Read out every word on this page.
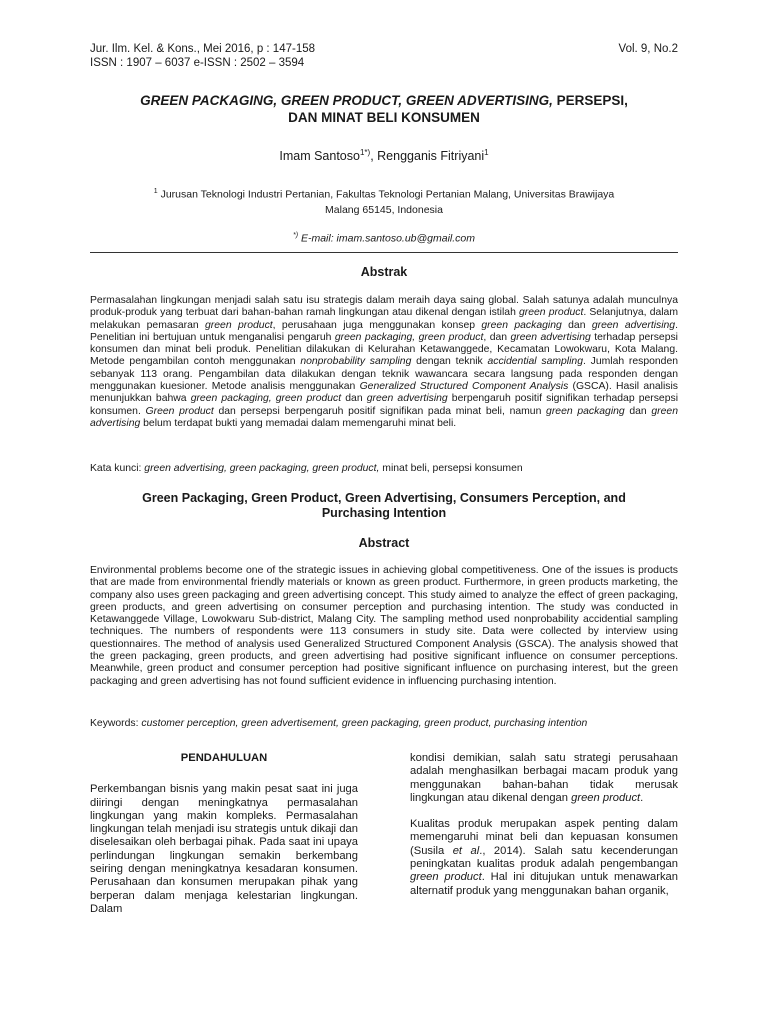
Jur. Ilm. Kel. & Kons., Mei 2016, p : 147-158
ISSN : 1907 – 6037 e-ISSN : 2502 – 3594
Vol. 9, No.2
GREEN PACKAGING, GREEN PRODUCT, GREEN ADVERTISING, PERSEPSI,
DAN MINAT BELI KONSUMEN
Imam Santoso$^{1*)}$, Rengganis Fitriyani$^1$
$^1$ Jurusan Teknologi Industri Pertanian, Fakultas Teknologi Pertanian Malang, Universitas Brawijaya
Malang 65145, Indonesia
*) E-mail: imam.santoso.ub@gmail.com
Abstrak
Permasalahan lingkungan menjadi salah satu isu strategis dalam meraih daya saing global. Salah satunya adalah munculnya produk-produk yang terbuat dari bahan-bahan ramah lingkungan atau dikenal dengan istilah green product. Selanjutnya, dalam melakukan pemasaran green product, perusahaan juga menggunakan konsep green packaging dan green advertising. Penelitian ini bertujuan untuk menganalisi pengaruh green packaging, green product, dan green advertising terhadap persepsi konsumen dan minat beli produk. Penelitian dilakukan di Kelurahan Ketawanggede, Kecamatan Lowokwaru, Kota Malang. Metode pengambilan contoh menggunakan nonprobability sampling dengan teknik accidential sampling. Jumlah responden sebanyak 113 orang. Pengambilan data dilakukan dengan teknik wawancara secara langsung pada responden dengan menggunakan kuesioner. Metode analisis menggunakan Generalized Structured Component Analysis (GSCA). Hasil analisis menunjukkan bahwa green packaging, green product dan green advertising berpengaruh positif signifikan terhadap persepsi konsumen. Green product dan persepsi berpengaruh positif signifikan pada minat beli, namun green packaging dan green advertising belum terdapat bukti yang memadai dalam memengaruhi minat beli.
Kata kunci: green advertising, green packaging, green product, minat beli, persepsi konsumen
Green Packaging, Green Product, Green Advertising, Consumers Perception, and Purchasing Intention
Abstract
Environmental problems become one of the strategic issues in achieving global competitiveness. One of the issues is products that are made from environmental friendly materials or known as green product. Furthermore, in green products marketing, the company also uses green packaging and green advertising concept. This study aimed to analyze the effect of green packaging, green products, and green advertising on consumer perception and purchasing intention. The study was conducted in Ketawanggede Village, Lowokwaru Sub-district, Malang City. The sampling method used nonprobability accidential sampling techniques. The numbers of respondents were 113 consumers in study site. Data were collected by interview using questionnaires. The method of analysis used Generalized Structured Component Analysis (GSCA). The analysis showed that the green packaging, green products, and green advertising had positive significant influence on consumer perceptions. Meanwhile, green product and consumer perception had positive significant influence on purchasing interest, but the green packaging and green advertising has not found sufficient evidence in influencing purchasing intention.
Keywords: customer perception, green advertisement, green packaging, green product, purchasing intention
PENDAHULUAN

Perkembangan bisnis yang makin pesat saat ini juga diiringi dengan meningkatnya permasalahan lingkungan yang makin kompleks. Permasalahan lingkungan telah menjadi isu strategis untuk dikaji dan diselesaikan oleh berbagai pihak. Pada saat ini upaya perlindungan lingkungan semakin berkembang seiring dengan meningkatnya kesadaran konsumen. Perusahaan dan konsumen merupakan pihak yang berperan dalam menjaga kelestarian lingkungan. Dalam

kondisi demikian, salah satu strategi perusahaan adalah menghasilkan berbagai macam produk yang menggunakan bahan-bahan tidak merusak lingkungan atau dikenal dengan green product.

Kualitas produk merupakan aspek penting dalam memengaruhi minat beli dan kepuasan konsumen (Susila et al., 2014). Salah satu kecenderungan peningkatan kualitas produk adalah pengembangan green product. Hal ini ditujukan untuk menawarkan alternatif produk yang menggunakan bahan organik,
